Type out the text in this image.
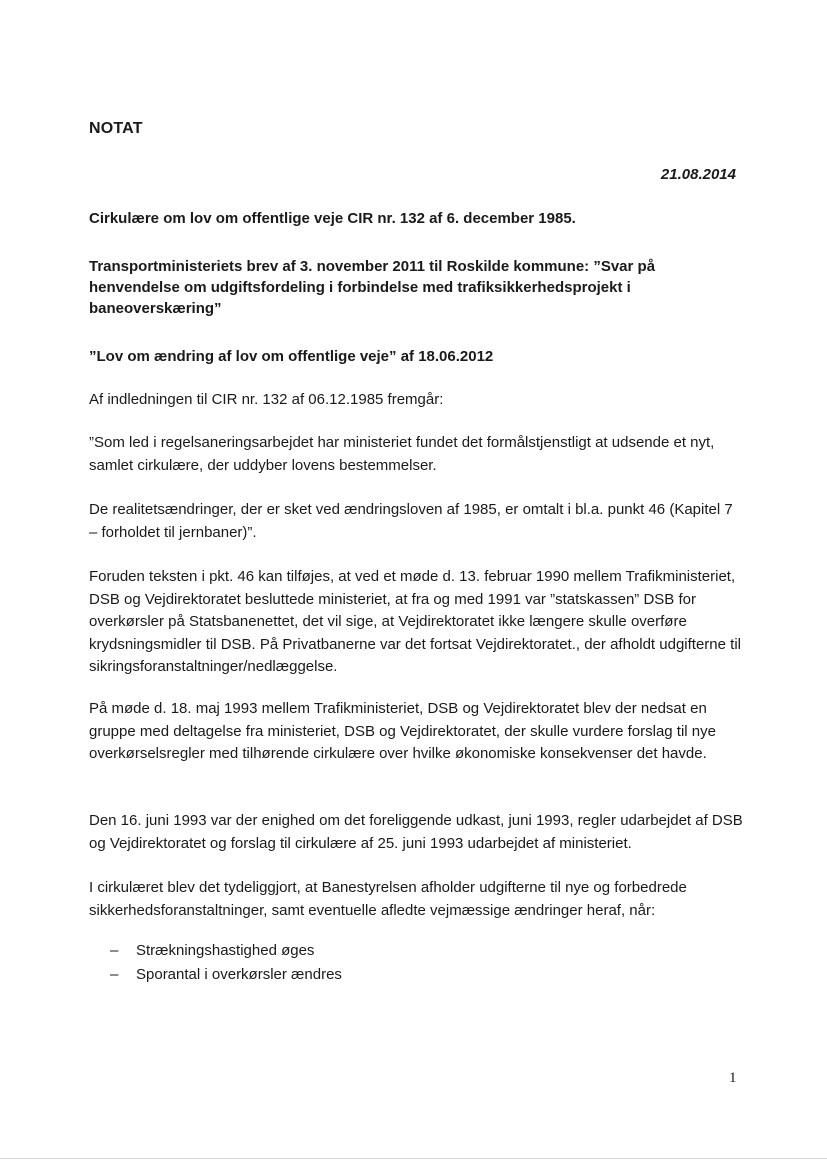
NOTAT

21.08.2014

Cirkulære om lov om offentlige veje CIR nr. 132 af 6. december 1985.

Transportministeriets brev af 3. november 2011 til Roskilde kommune: ”Svar på henvendelse om udgiftsfordeling i forbindelse med trafiksikkerhedsprojekt i baneoverskæring”

”Lov om ændring af lov om offentlige veje” af 18.06.2012

Af indledningen til CIR nr. 132 af 06.12.1985 fremgår:

”Som led i regelsaneringsarbejdet har ministeriet fundet det formålstjenstligt at udsende et nyt, samlet cirkulære, der uddyber lovens bestemmelser.

De realitetsændringer, der er sket ved ændringsloven af 1985, er omtalt i bl.a. punkt 46 (Kapitel 7 – forholdet til jernbaner)”.

Foruden teksten i pkt. 46 kan tilføjes, at ved et møde d. 13. februar 1990 mellem Trafikministeriet, DSB og Vejdirektoratet besluttede ministeriet, at fra og med 1991 var ”statskassen” DSB for overkørsler på Statsbanenettet, det vil sige, at Vejdirektoratet ikke længere skulle overføre krydsningsmidler til DSB. På Privatbanerne var det fortsat Vejdirektoratet., der afholdt udgifterne til sikringsforanstaltninger/nedlæggelse.

På møde d. 18. maj 1993 mellem Trafikministeriet, DSB og Vejdirektoratet blev der nedsat en gruppe med deltagelse fra ministeriet, DSB og Vejdirektoratet, der skulle vurdere forslag til nye overkørselsregler med tilhørende cirkulære over hvilke økonomiske konsekvenser det havde.

Den 16. juni 1993 var der enighed om det foreliggende udkast, juni 1993, regler udarbejdet af DSB og Vejdirektoratet og forslag til cirkulære af 25. juni 1993 udarbejdet af ministeriet.

I cirkulæret blev det tydeliggjort, at Banestyrelsen afholder udgifterne til nye og forbedrede sikkerhedsforanstaltninger, samt eventuelle afledte vejmæssige ændringer heraf, når:

– Strækningshastighed øges
– Sporantal i overkørsler ændres

1
